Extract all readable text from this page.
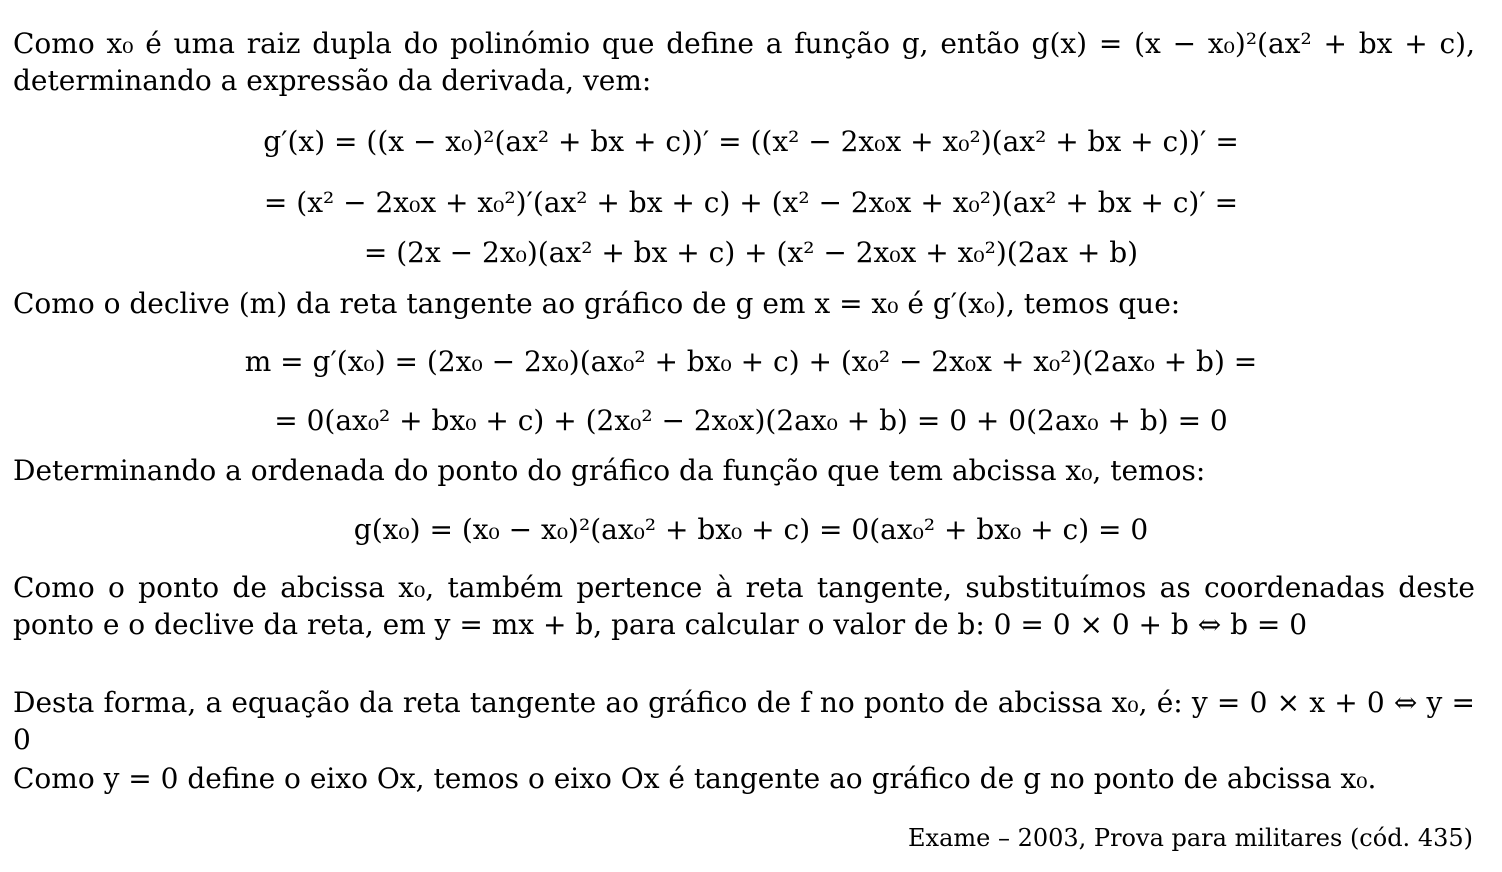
Como x₀ é uma raiz dupla do polinómio que define a função g, então g(x) = (x − x₀)²(ax² + bx + c), determinando a expressão da derivada, vem:
g′(x) = ((x − x₀)²(ax² + bx + c))′ = ((x² − 2x₀x + x₀²)(ax² + bx + c))′ =
= (x² − 2x₀x + x₀²)′(ax² + bx + c) + (x² − 2x₀x + x₀²)(ax² + bx + c)′ =
= (2x − 2x₀)(ax² + bx + c) + (x² − 2x₀x + x₀²)(2ax + b)
Como o declive (m) da reta tangente ao gráfico de g em x = x₀ é g′(x₀), temos que:
m = g′(x₀) = (2x₀ − 2x₀)(ax₀² + bx₀ + c) + (x₀² − 2x₀x + x₀²)(2ax₀ + b) =
= 0(ax₀² + bx₀ + c) + (2x₀² − 2x₀x)(2ax₀ + b) = 0 + 0(2ax₀ + b) = 0
Determinando a ordenada do ponto do gráfico da função que tem abcissa x₀, temos:
g(x₀) = (x₀ − x₀)²(ax₀² + bx₀ + c) = 0(ax₀² + bx₀ + c) = 0
Como o ponto de abcissa x₀, também pertence à reta tangente, substituímos as coordenadas deste ponto e o declive da reta, em y = mx + b, para calcular o valor de b: 0 = 0 × 0 + b ⇔ b = 0
Desta forma, a equação da reta tangente ao gráfico de f no ponto de abcissa x₀, é: y = 0 × x + 0 ⇔ y = 0
Como y = 0 define o eixo Ox, temos o eixo Ox é tangente ao gráfico de g no ponto de abcissa x₀.
Exame – 2003, Prova para militares (cód. 435)
